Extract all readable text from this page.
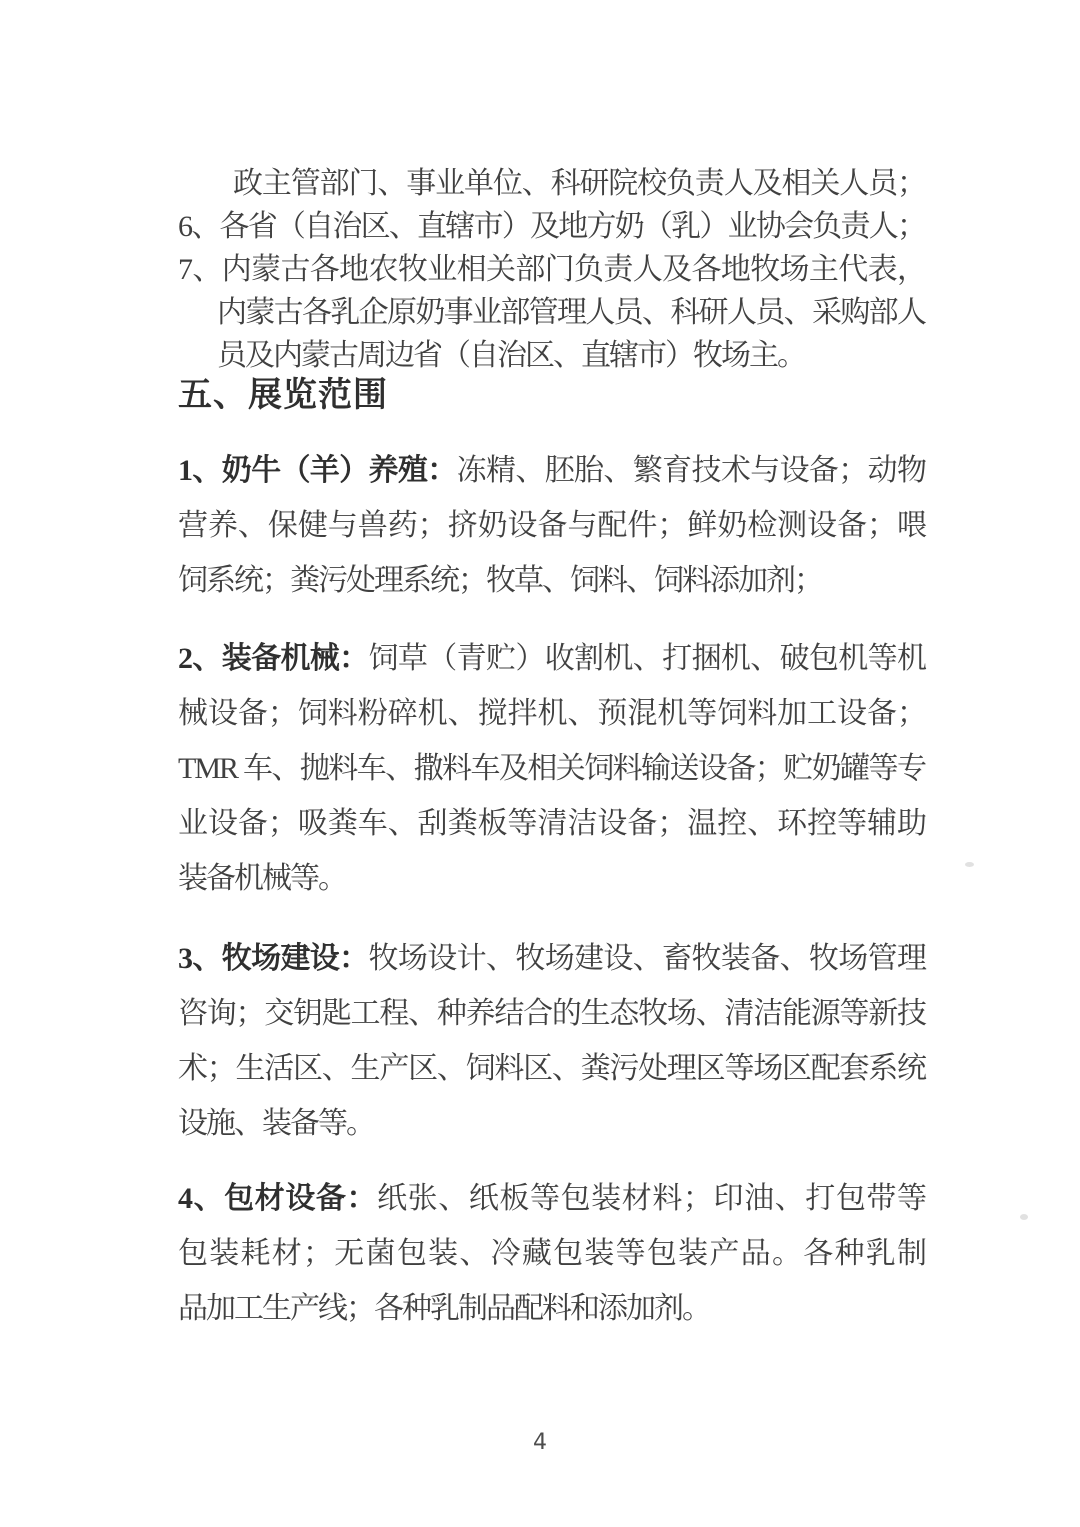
政主管部门、事业单位、科研院校负责人及相关人员；
6、各省（自治区、直辖市）及地方奶（乳）业协会负责人；
7、内蒙古各地农牧业相关部门负责人及各地牧场主代表，
内蒙古各乳企原奶事业部管理人员、科研人员、采购部人
员及内蒙古周边省（自治区、直辖市）牧场主。
五、展览范围
1、奶牛（羊）养殖：冻精、胚胎、繁育技术与设备；动物
营养、保健与兽药；挤奶设备与配件；鲜奶检测设备；喂
饲系统；粪污处理系统；牧草、饲料、饲料添加剂；
2、装备机械：饲草（青贮）收割机、打捆机、破包机等机
械设备；饲料粉碎机、搅拌机、预混机等饲料加工设备；
TMR 车、抛料车、撒料车及相关饲料输送设备；贮奶罐等专
业设备；吸粪车、刮粪板等清洁设备；温控、环控等辅助
装备机械等。
3、牧场建设：牧场设计、牧场建设、畜牧装备、牧场管理
咨询；交钥匙工程、种养结合的生态牧场、清洁能源等新技
术；生活区、生产区、饲料区、粪污处理区等场区配套系统
设施、装备等。
4、包材设备：纸张、纸板等包装材料；印油、打包带等
包装耗材；无菌包装、冷藏包装等包装产品。各种乳制
品加工生产线；各种乳制品配料和添加剂。
4
